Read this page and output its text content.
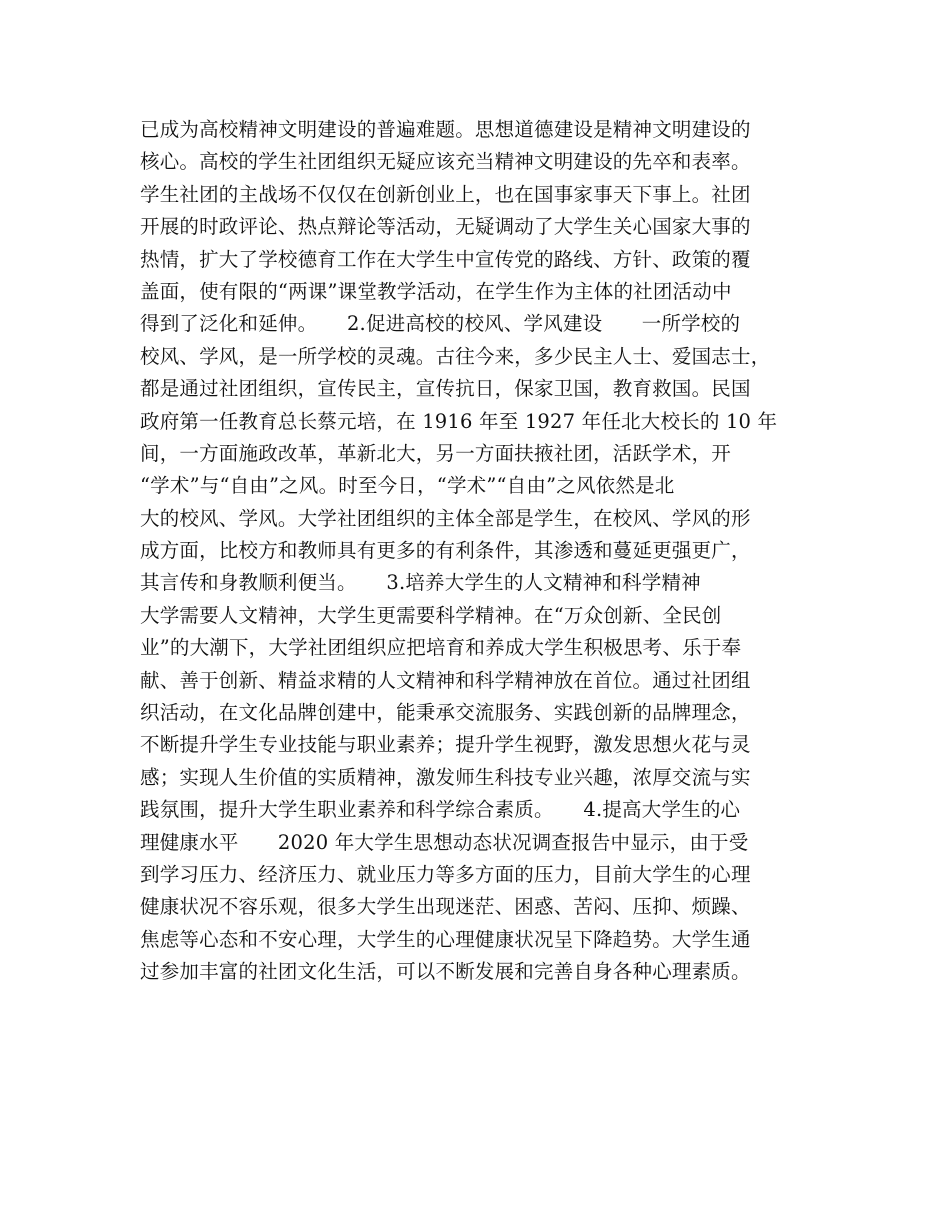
已成为高校精神文明建设的普遍难题。思想道德建设是精神文明建设的
核心。高校的学生社团组织无疑应该充当精神文明建设的先卒和表率。
学生社团的主战场不仅仅在创新创业上，也在国事家事天下事上。社团
开展的时政评论、热点辩论等活动，无疑调动了大学生关心国家大事的
热情，扩大了学校德育工作在大学生中宣传党的路线、方针、政策的覆
盖面，使有限的“两课”课堂教学活动，在学生作为主体的社团活动中
得到了泛化和延伸。　　2.促进高校的校风、学风建设　　一所学校的
校风、学风，是一所学校的灵魂。古往今来，多少民主人士、爱国志士，
都是通过社团组织，宣传民主，宣传抗日，保家卫国，教育救国。民国
政府第一任教育总长蔡元培，在 1916 年至 1927 年任北大校长的 10 年
间，一方面施政改革，革新北大，另一方面扶掖社团，活跃学术，开
“学术”与“自由”之风。时至今日，“学术”“自由”之风依然是北
大的校风、学风。大学社团组织的主体全部是学生，在校风、学风的形
成方面，比校方和教师具有更多的有利条件，其渗透和蔓延更强更广，
其言传和身教顺利便当。　　3.培养大学生的人文精神和科学精神
大学需要人文精神，大学生更需要科学精神。在“万众创新、全民创
业”的大潮下，大学社团组织应把培育和养成大学生积极思考、乐于奉
献、善于创新、精益求精的人文精神和科学精神放在首位。通过社团组
织活动，在文化品牌创建中，能秉承交流服务、实践创新的品牌理念，
不断提升学生专业技能与职业素养；提升学生视野，激发思想火花与灵
感；实现人生价值的实质精神，激发师生科技专业兴趣，浓厚交流与实
践氛围，提升大学生职业素养和科学综合素质。　　4.提高大学生的心
理健康水平　　2020 年大学生思想动态状况调查报告中显示，由于受
到学习压力、经济压力、就业压力等多方面的压力，目前大学生的心理
健康状况不容乐观，很多大学生出现迷茫、困惑、苦闷、压抑、烦躁、
焦虑等心态和不安心理，大学生的心理健康状况呈下降趋势。大学生通
过参加丰富的社团文化生活，可以不断发展和完善自身各种心理素质。
